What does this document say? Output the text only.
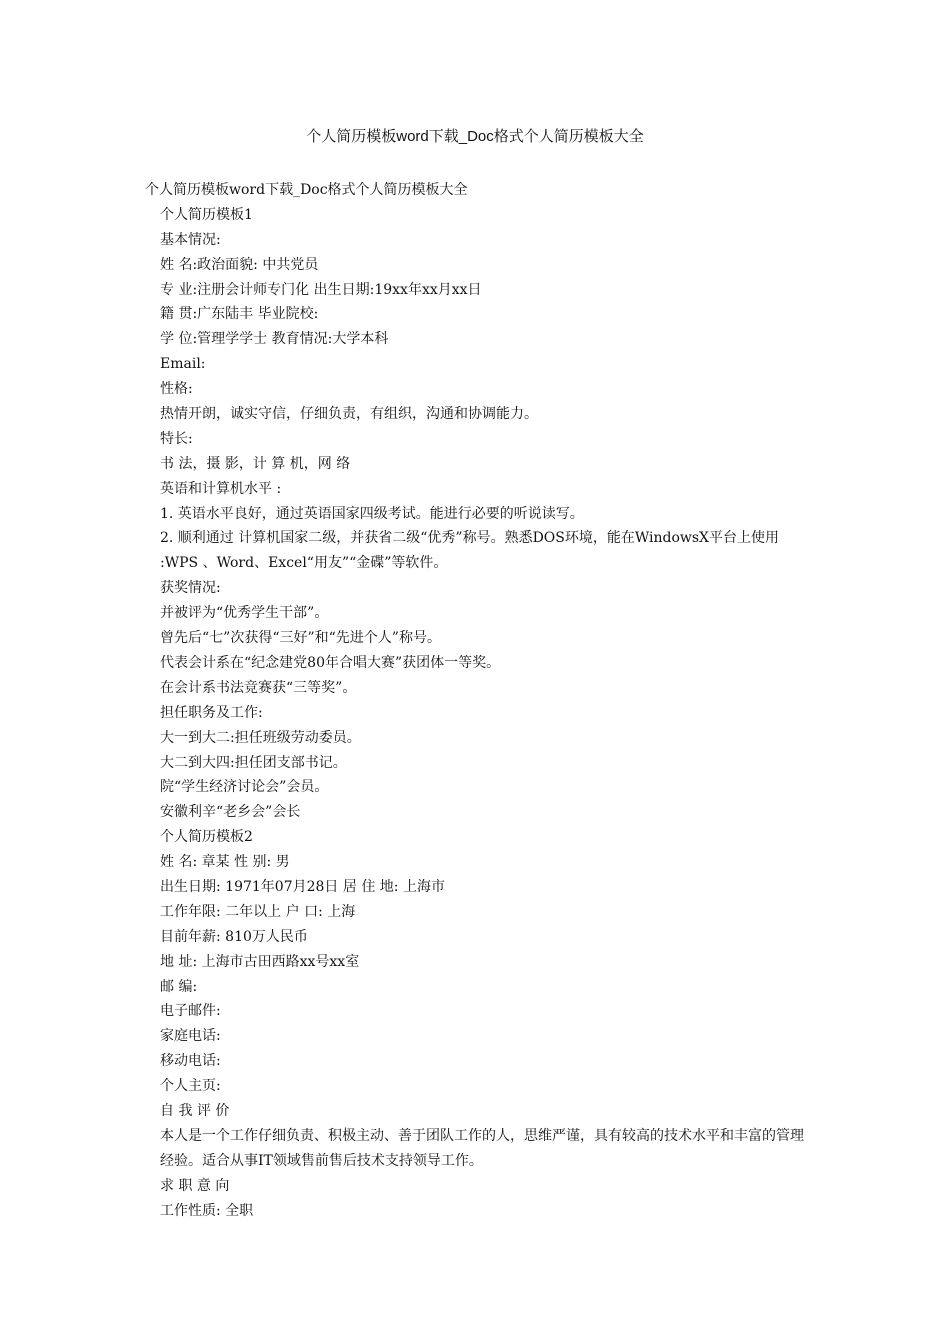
个人简历模板word下载_Doc格式个人简历模板大全
个人简历模板word下载_Doc格式个人简历模板大全
个人简历模板1
基本情况:
姓 名:政治面貌: 中共党员
专 业:注册会计师专门化 出生日期:19xx年xx月xx日
籍 贯:广东陆丰 毕业院校:
学 位:管理学学士 教育情况:大学本科
Email:
性格:
热情开朗，诚实守信，仔细负责，有组织，沟通和协调能力。
特长:
书 法，摄 影，计 算 机，网 络
英语和计算机水平 :
1. 英语水平良好，通过英语国家四级考试。能进行必要的听说读写。
2. 顺利通过 计算机国家二级，并获省二级“优秀”称号。熟悉DOS环境，能在WindowsX平台上使用 :WPS 、Word、Excel“用友”“金碟”等软件。
获奖情况:
并被评为“优秀学生干部”。
曾先后“七”次获得“三好”和“先进个人”称号。
代表会计系在“纪念建党80年合唱大赛”获团体一等奖。
在会计系书法竞赛获“三等奖”。
担任职务及工作:
大一到大二:担任班级劳动委员。
大二到大四:担任团支部书记。
院“学生经济讨论会”会员。
安徽利辛“老乡会”会长
个人简历模板2
姓 名: 章某 性 别: 男
出生日期: 1971年07月28日 居 住 地: 上海市
工作年限: 二年以上 户 口: 上海
目前年薪: 810万人民币
地 址: 上海市古田西路xx号xx室
邮 编:
电子邮件:
家庭电话:
移动电话:
个人主页:
自 我 评 价
本人是一个工作仔细负责、积极主动、善于团队工作的人，思维严谨，具有较高的技术水平和丰富的管理经验。适合从事IT领域售前售后技术支持领导工作。
求 职 意 向
工作性质: 全职
